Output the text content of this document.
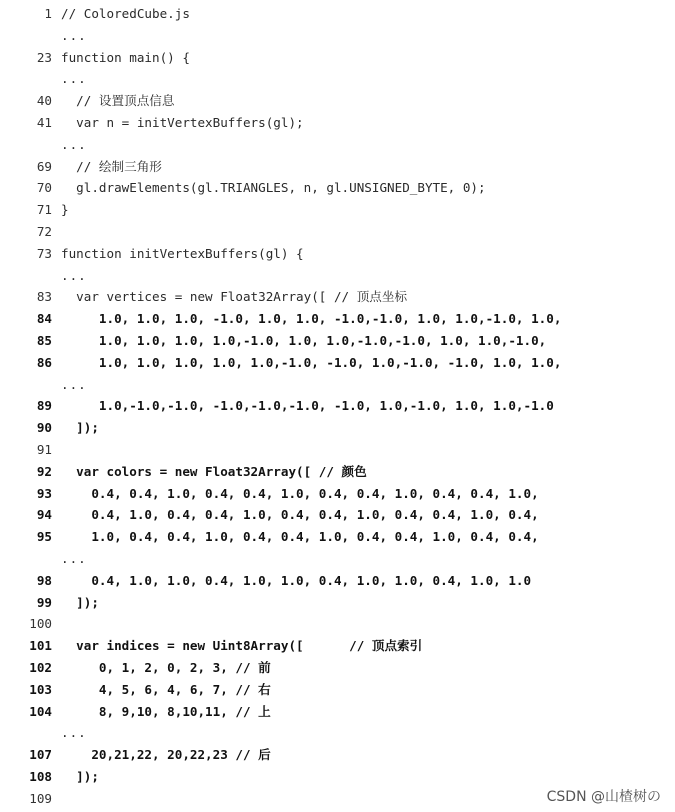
1 // ColoredCube.js
...
23 function main() {
...
40 // 设置顶点信息
41 var n = initVertexBuffers(gl);
...
69 // 绘制三角形
70 gl.drawElements(gl.TRIANGLES, n, gl.UNSIGNED_BYTE, 0);
71 }
72
73 function initVertexBuffers(gl) {
...
83 var vertices = new Float32Array([ // 顶点坐标
84 1.0, 1.0, 1.0, -1.0, 1.0, 1.0, -1.0,-1.0, 1.0, 1.0,-1.0, 1.0,
85 1.0, 1.0, 1.0, 1.0,-1.0, 1.0, 1.0,-1.0,-1.0, 1.0, 1.0,-1.0,
86 1.0, 1.0, 1.0, 1.0, 1.0,-1.0, -1.0, 1.0,-1.0, -1.0, 1.0, 1.0,
...
89 1.0,-1.0,-1.0, -1.0,-1.0,-1.0, -1.0, 1.0,-1.0, 1.0, 1.0,-1.0
90 ]);
91
92 var colors = new Float32Array([ // 颜色
93 0.4, 0.4, 1.0, 0.4, 0.4, 1.0, 0.4, 0.4, 1.0, 0.4, 0.4, 1.0,
94 0.4, 1.0, 0.4, 0.4, 1.0, 0.4, 0.4, 1.0, 0.4, 0.4, 1.0, 0.4,
95 1.0, 0.4, 0.4, 1.0, 0.4, 0.4, 1.0, 0.4, 0.4, 1.0, 0.4, 0.4,
...
98 0.4, 1.0, 1.0, 0.4, 1.0, 1.0, 0.4, 1.0, 1.0, 0.4, 1.0, 1.0
99 ]);
100
101 var indices = new Uint8Array([      // 顶点索引
102 0, 1, 2, 0, 2, 3, // 前
103 4, 5, 6, 4, 6, 7, // 右
104 8, 9,10, 8,10,11, // 上
...
107 20,21,22, 20,22,23 // 后
108 ]);
109	CSDN @山楂树の
